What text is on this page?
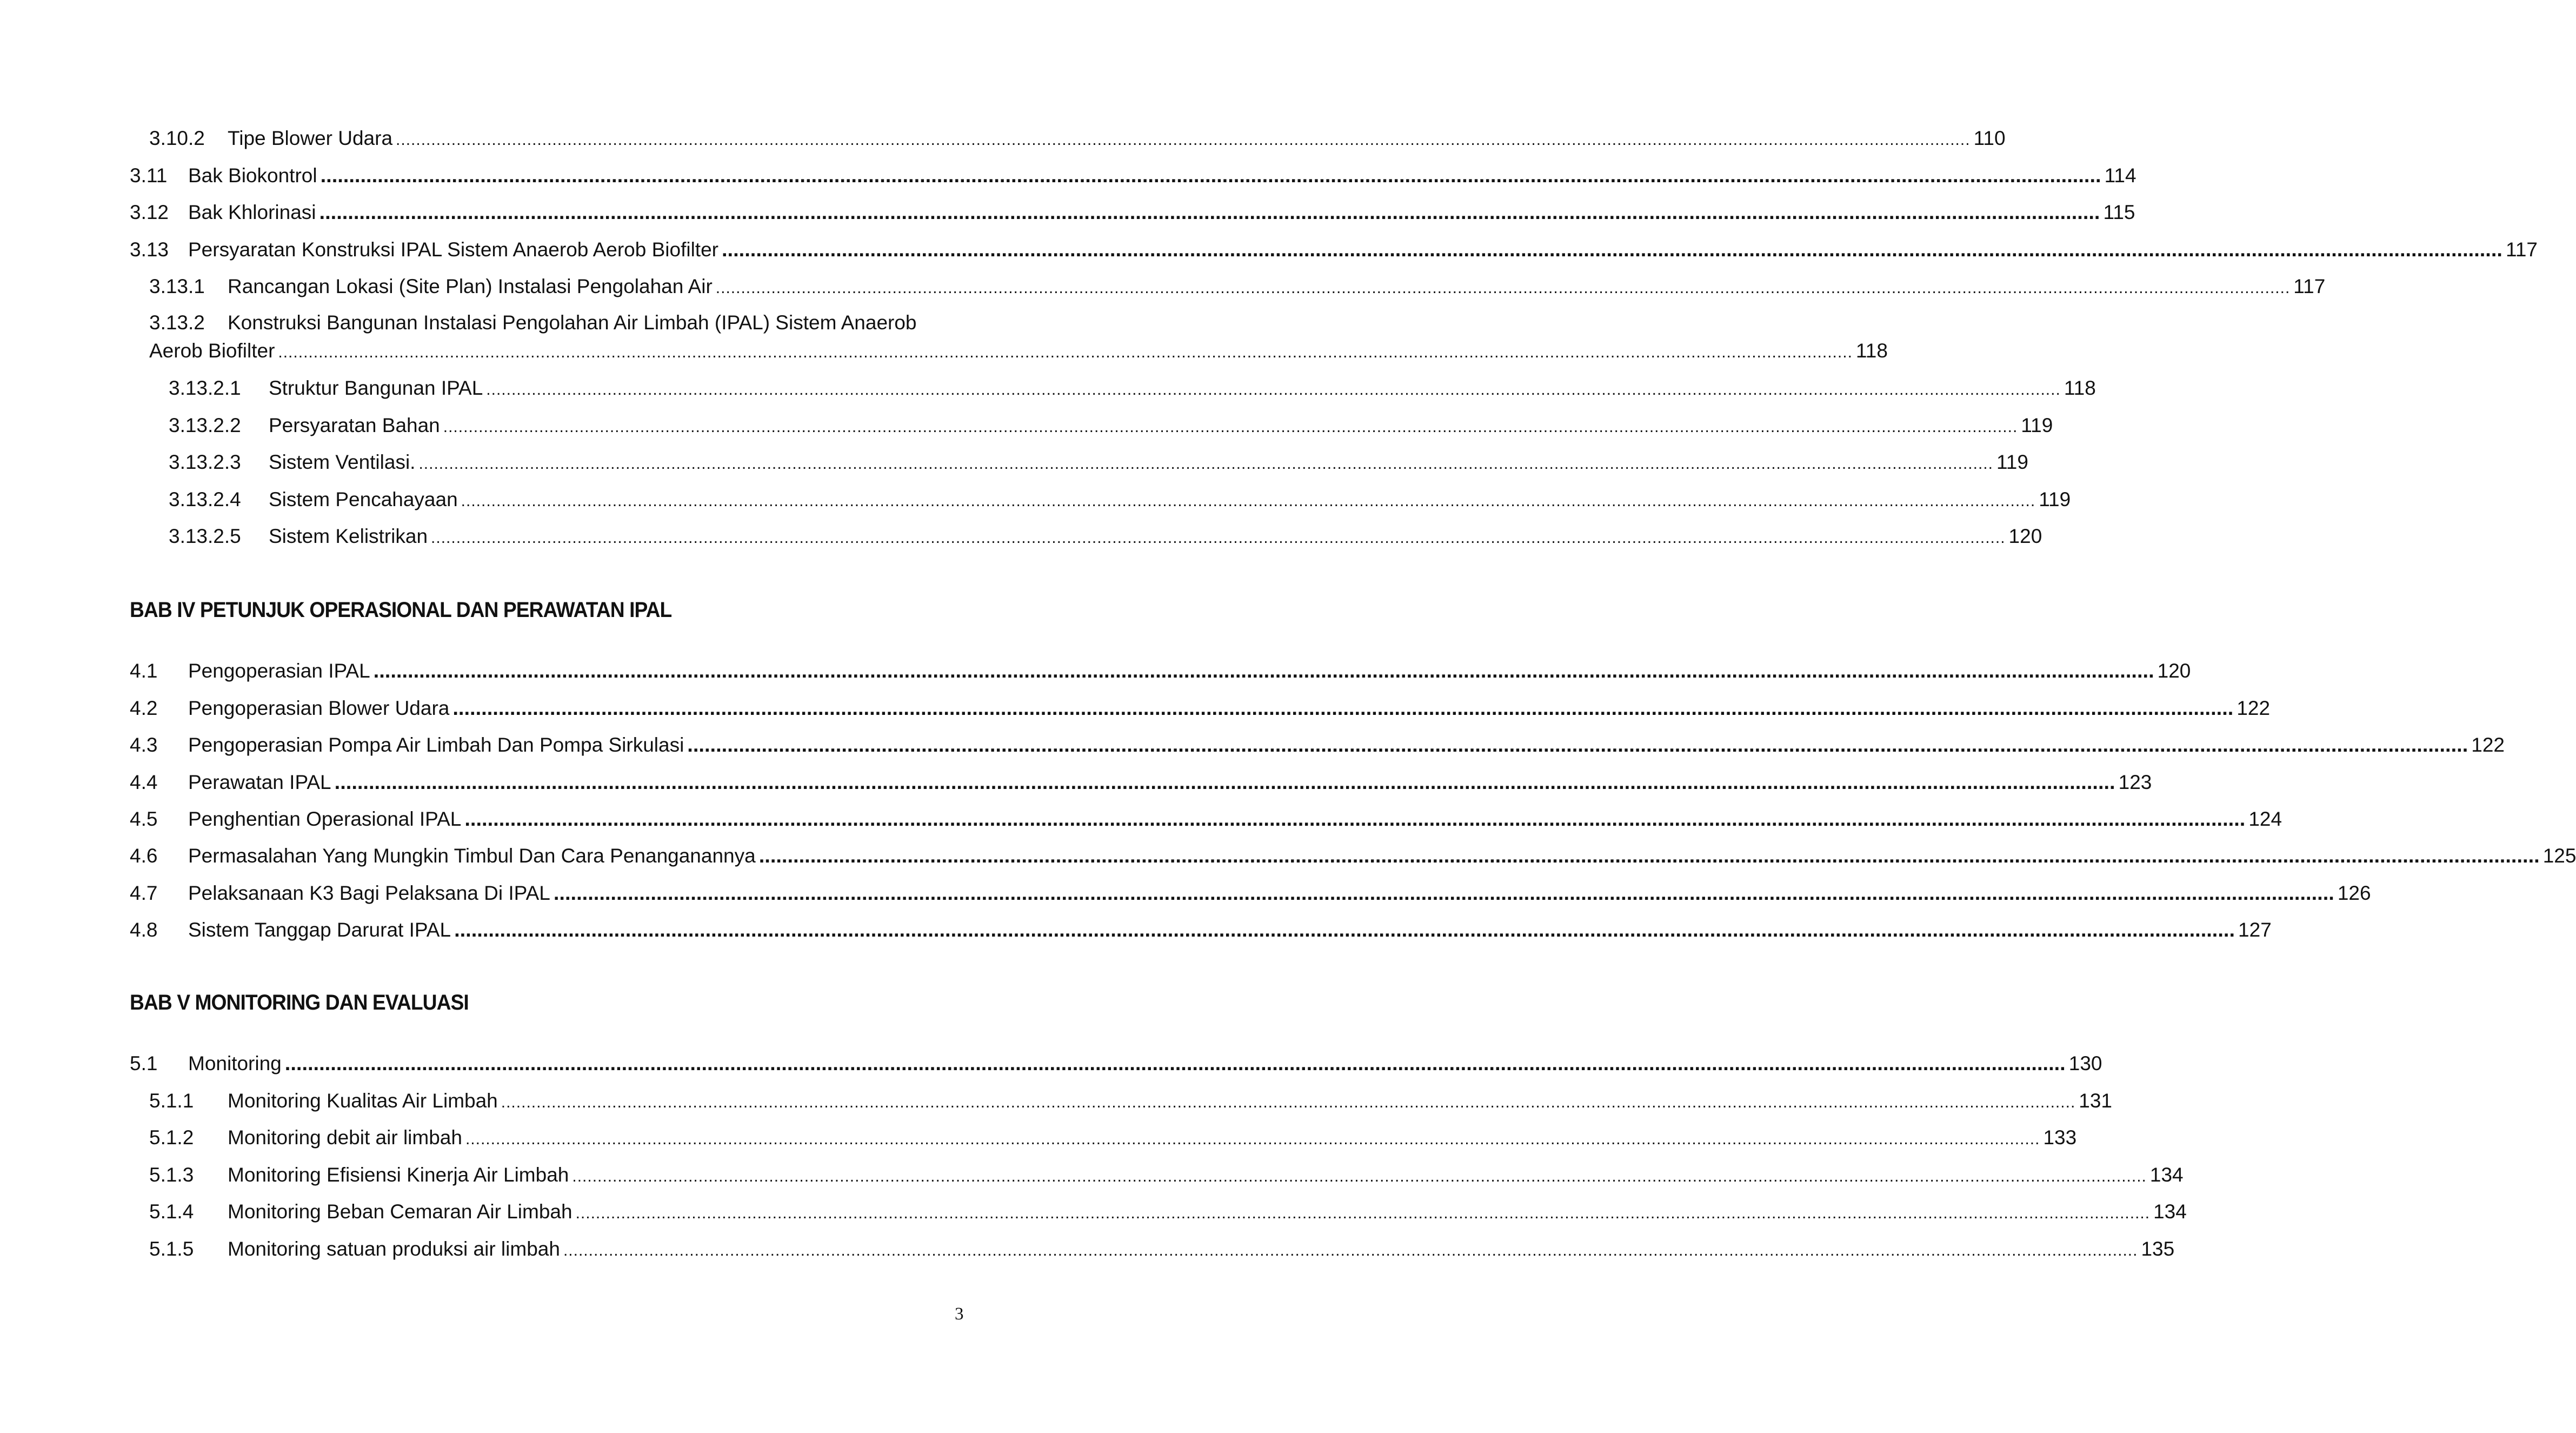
3.10.2	Tipe Blower Udara .....	110
3.11	Bak Biokontrol .....	114
3.12 Bak Khlorinasi .....	115
3.13 Persyaratan Konstruksi IPAL Sistem Anaerob Aerob Biofilter .....	117
3.13.1	Rancangan Lokasi (Site Plan) Instalasi Pengolahan Air .....	117
3.13.2	Konstruksi Bangunan Instalasi Pengolahan Air Limbah (IPAL) Sistem Anaerob
Aerob Biofilter .....	118
3.13.2.1	Struktur Bangunan IPAL .....	118
3.13.2.2	Persyaratan Bahan .....	119
3.13.2.3	Sistem Ventilasi. .....	119
3.13.2.4	Sistem Pencahayaan .....	119
3.13.2.5	Sistem Kelistrikan .....	120
BAB IV PETUNJUK OPERASIONAL DAN PERAWATAN IPAL
4.1	Pengoperasian IPAL .....	120
4.2	Pengoperasian Blower Udara .....	122
4.3	Pengoperasian Pompa Air Limbah Dan Pompa Sirkulasi .....	122
4.4	Perawatan IPAL .....	123
4.5	Penghentian Operasional IPAL .....	124
4.6	Permasalahan Yang Mungkin Timbul Dan Cara Penanganannya .....	125
4.7	Pelaksanaan K3 Bagi Pelaksana Di IPAL .....	126
4.8	Sistem Tanggap Darurat IPAL .....	127
BAB V MONITORING DAN EVALUASI
5.1	Monitoring .....	130
5.1.1	Monitoring Kualitas Air Limbah .....	131
5.1.2	Monitoring debit air limbah .....	133
5.1.3	Monitoring Efisiensi Kinerja Air Limbah .....	134
5.1.4	Monitoring Beban Cemaran Air Limbah .....	134
5.1.5	Monitoring satuan produksi air limbah .....	135
3
